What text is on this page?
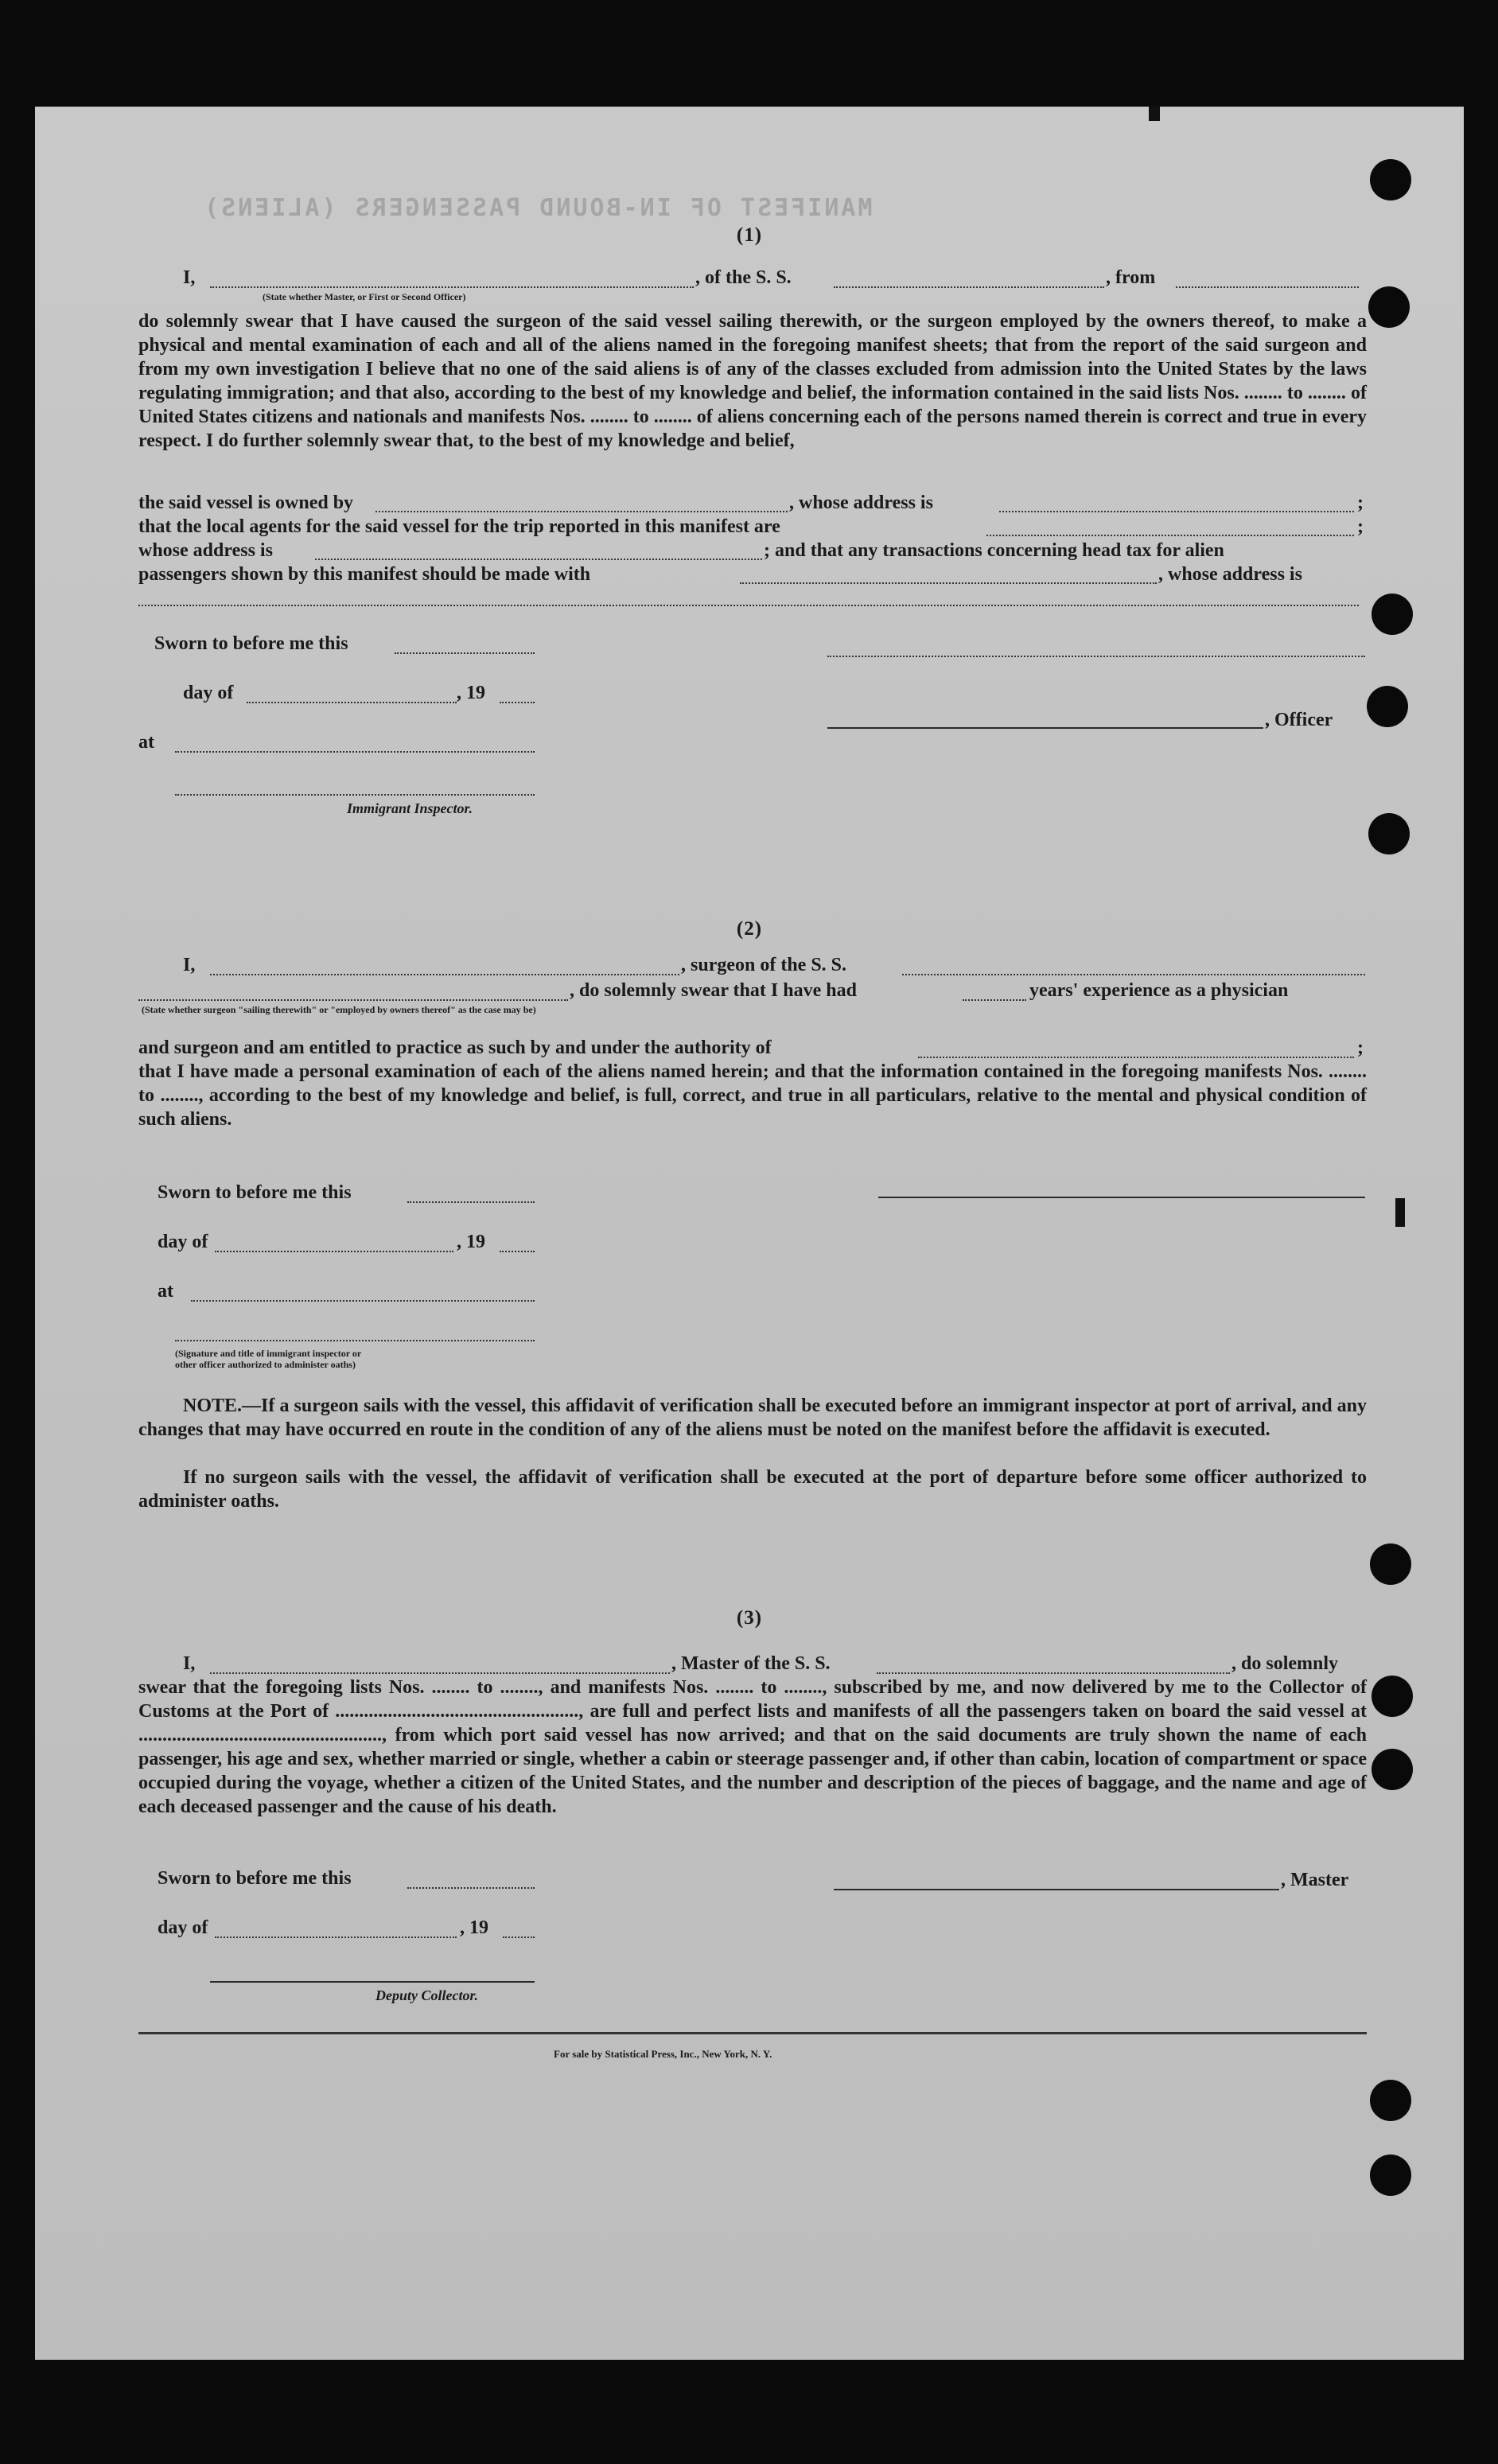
MANIFEST OF IN-BOUND PASSENGERS (ALIENS)
(1)
I,
(State whether Master, or First or Second Officer)
, of the S. S.	, from
do solemnly swear that I have caused the surgeon of the said vessel sailing therewith, or the surgeon employed by the owners thereof, to make a physical and mental examination of each and all of the aliens named in the foregoing manifest sheets; that from the report of the said surgeon and from my own investigation I believe that no one of the said aliens is of any of the classes excluded from admission into the United States by the laws regulating immigration; and that also, according to the best of my knowledge and belief, the information contained in the said lists Nos. ........ to ........ of United States citizens and nationals and manifests Nos. ........ to ........ of aliens concerning each of the persons named therein is correct and true in every respect. I do further solemnly swear that, to the best of my knowledge and belief,
the said vessel is owned by	, whose address is	;
that the local agents for the said vessel for the trip reported in this manifest are	;
whose address is	; and that any transactions concerning head tax for alien
passengers shown by this manifest should be made with	, whose address is
Sworn to before me this
day of	, 19
, Officer
at
Immigrant Inspector.
(2)
I,	, surgeon of the S. S.
, do solemnly swear that I have had	years' experience as a physician
(State whether surgeon "sailing therewith" or "employed by owners thereof" as the case may be)
and surgeon and am entitled to practice as such by and under the authority of	;
that I have made a personal examination of each of the aliens named herein; and that the information contained in the foregoing manifests Nos. ........ to ........, according to the best of my knowledge and belief, is full, correct, and true in all particulars, relative to the mental and physical condition of such aliens.
Sworn to before me this
day of	, 19
at
(Signature and title of immigrant inspector or
other officer authorized to administer oaths)
NOTE.—If a surgeon sails with the vessel, this affidavit of verification shall be executed before an immigrant inspector at port of arrival, and any changes that may have occurred en route in the condition of any of the aliens must be noted on the manifest before the affidavit is executed.
If no surgeon sails with the vessel, the affidavit of verification shall be executed at the port of departure before some officer authorized to administer oaths.
(3)
I,	, Master of the S. S.	, do solemnly
swear that the foregoing lists Nos. ........ to ........, and manifests Nos. ........ to ........, subscribed by me, and now delivered by me to the Collector of Customs at the Port of ..................................................., are full and perfect lists and manifests of all the passengers taken on board the said vessel at ..................................................., from which port said vessel has now arrived; and that on the said documents are truly shown the name of each passenger, his age and sex, whether married or single, whether a cabin or steerage passenger and, if other than cabin, location of compartment or space occupied during the voyage, whether a citizen of the United States, and the number and description of the pieces of baggage, and the name and age of each deceased passenger and the cause of his death.
Sworn to before me this	, Master
day of	, 19
Deputy Collector.
For sale by Statistical Press, Inc., New York, N. Y.
